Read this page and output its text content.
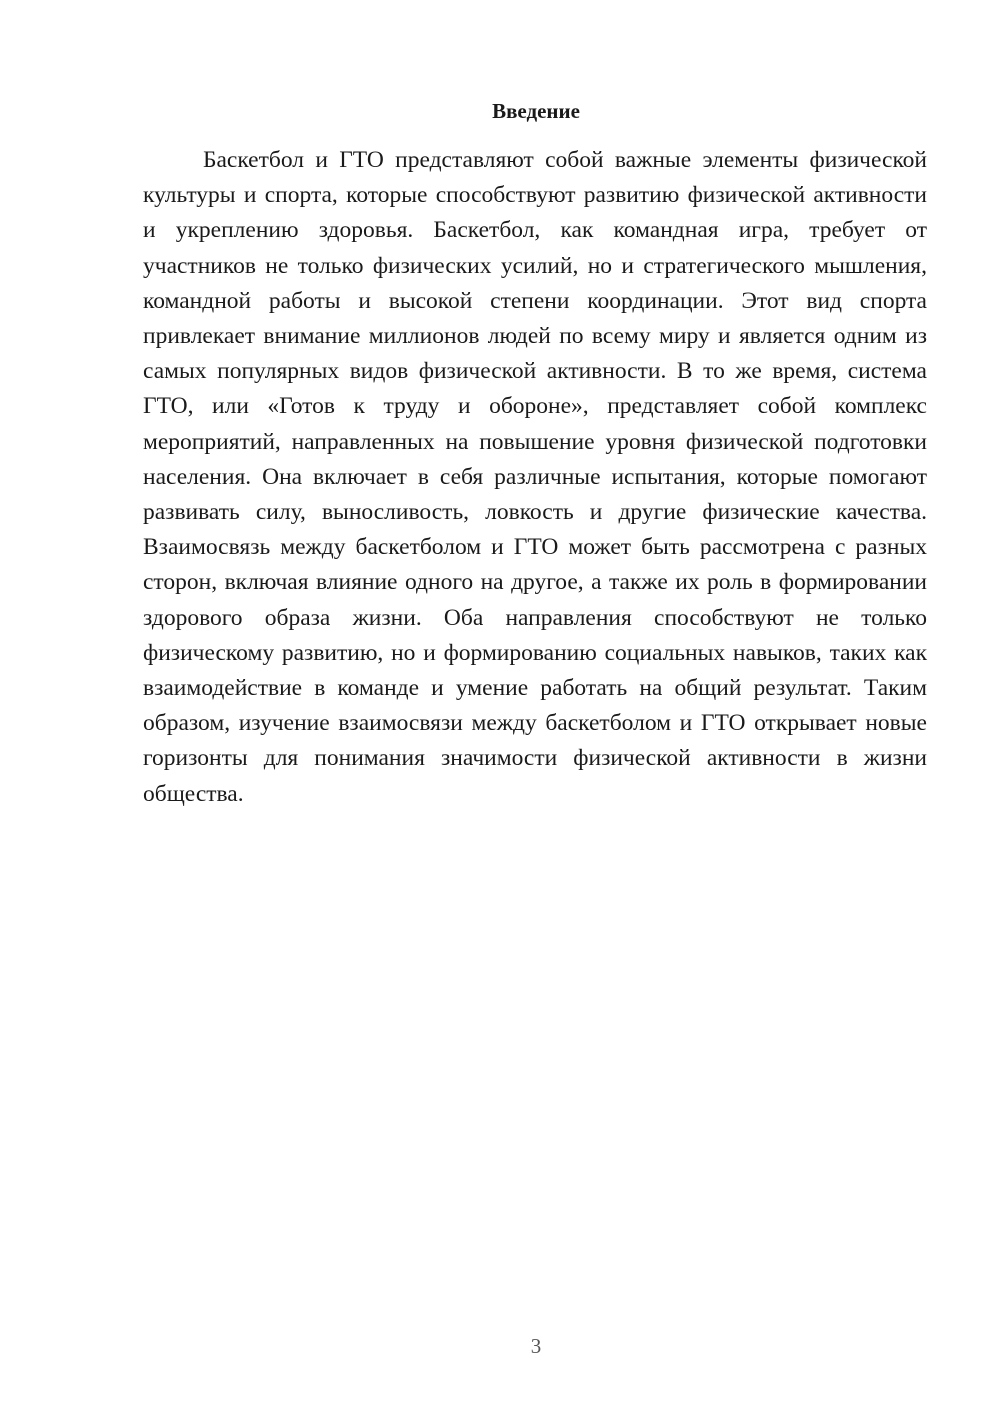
Введение

Баскетбол и ГТО представляют собой важные элементы физической культуры и спорта, которые способствуют развитию физической активности и укреплению здоровья. Баскетбол, как командная игра, требует от участников не только физических усилий, но и стратегического мышления, командной работы и высокой степени координации. Этот вид спорта привлекает внимание миллионов людей по всему миру и является одним из самых популярных видов физической активности. В то же время, система ГТО, или «Готов к труду и обороне», представляет собой комплекс мероприятий, направленных на повышение уровня физической подготовки населения. Она включает в себя различные испытания, которые помогают развивать силу, выносливость, ловкость и другие физические качества. Взаимосвязь между баскетболом и ГТО может быть рассмотрена с разных сторон, включая влияние одного на другое, а также их роль в формировании здорового образа жизни. Оба направления способствуют не только физическому развитию, но и формированию социальных навыков, таких как взаимодействие в команде и умение работать на общий результат. Таким образом, изучение взаимосвязи между баскетболом и ГТО открывает новые горизонты для понимания значимости физической активности в жизни общества.

3
